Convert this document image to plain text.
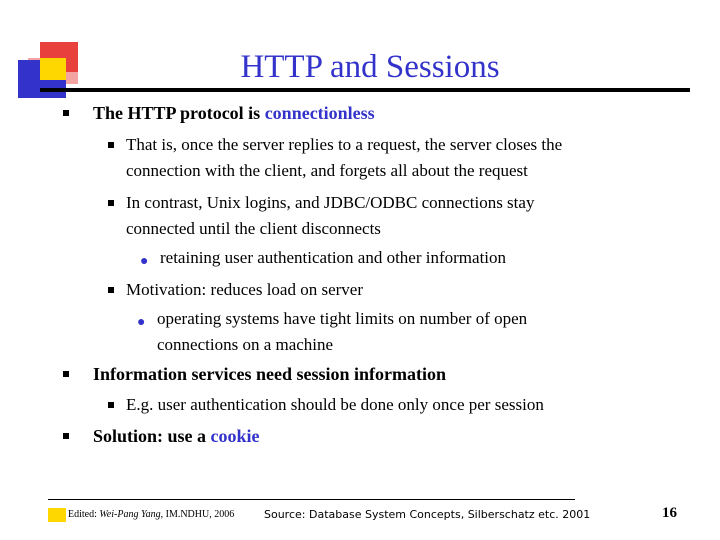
HTTP and Sessions
The HTTP protocol is connectionless
That is, once the server replies to a request, the server closes the
connection with the client, and forgets all about the request
In contrast, Unix logins, and JDBC/ODBC connections stay
connected until the client disconnects
● retaining user authentication and other information
Motivation: reduces load on server
● operating systems have tight limits on number of open
connections on a machine
Information services need session information
E.g. user authentication should be done only once per session
Solution: use a cookie
Edited: Wei-Pang Yang, IM.NDHU, 2006	Source: Database System Concepts, Silberschatz etc. 2001	16
